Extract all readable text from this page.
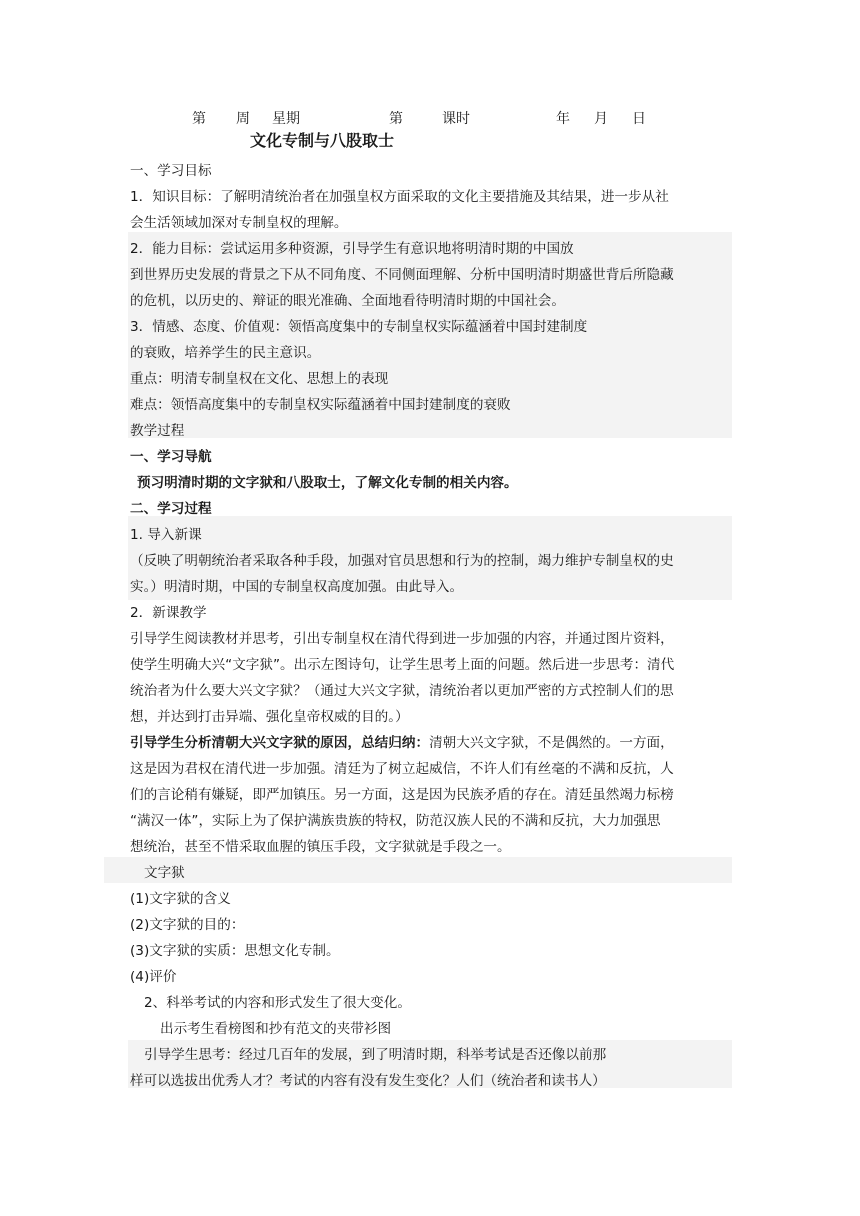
第 周 星期	第	课时	年 月 日
文化专制与八股取士
一、学习目标
1．知识目标：了解明清统治者在加强皇权方面采取的文化主要措施及其结果，进一步从社
会生活领域加深对专制皇权的理解。
2．能力目标：尝试运用多种资源，引导学生有意识地将明清时期的中国放
到世界历史发展的背景之下从不同角度、不同侧面理解、分析中国明清时期盛世背后所隐藏
的危机，以历史的、辩证的眼光准确、全面地看待明清时期的中国社会。
3．情感、态度、价值观：领悟高度集中的专制皇权实际蕴涵着中国封建制度
的衰败，培养学生的民主意识。
重点：明清专制皇权在文化、思想上的表现
难点：领悟高度集中的专制皇权实际蕴涵着中国封建制度的衰败
教学过程
一、学习导航
预习明清时期的文字狱和八股取士，了解文化专制的相关内容。
二、学习过程
1. 导入新课
（反映了明朝统治者采取各种手段，加强对官员思想和行为的控制，竭力维护专制皇权的史
实。）明清时期，中国的专制皇权高度加强。由此导入。
2．新课教学
引导学生阅读教材并思考，引出专制皇权在清代得到进一步加强的内容，并通过图片资料，
使学生明确大兴“文字狱”。出示左图诗句，让学生思考上面的问题。然后进一步思考：清代
统治者为什么要大兴文字狱？（通过大兴文字狱，清统治者以更加严密的方式控制人们的思
想，并达到打击异端、强化皇帝权威的目的。）
引导学生分析清朝大兴文字狱的原因，总结归纳：清朝大兴文字狱，不是偶然的。一方面，
这是因为君权在清代进一步加强。清廷为了树立起威信，不许人们有丝毫的不满和反抗，人
们的言论稍有嫌疑，即严加镇压。另一方面，这是因为民族矛盾的存在。清廷虽然竭力标榜
“满汉一体”，实际上为了保护满族贵族的特权，防范汉族人民的不满和反抗，大力加强思
想统治，甚至不惜采取血腥的镇压手段，文字狱就是手段之一。
文字狱
(1)文字狱的含义
(2)文字狱的目的：
(3)文字狱的实质：思想文化专制。
(4)评价
2、科举考试的内容和形式发生了很大变化。
出示考生看榜图和抄有范文的夹带衫图
引导学生思考：经过几百年的发展，到了明清时期，科举考试是否还像以前那
样可以选拔出优秀人才？考试的内容有没有发生变化？人们（统治者和读书人）
